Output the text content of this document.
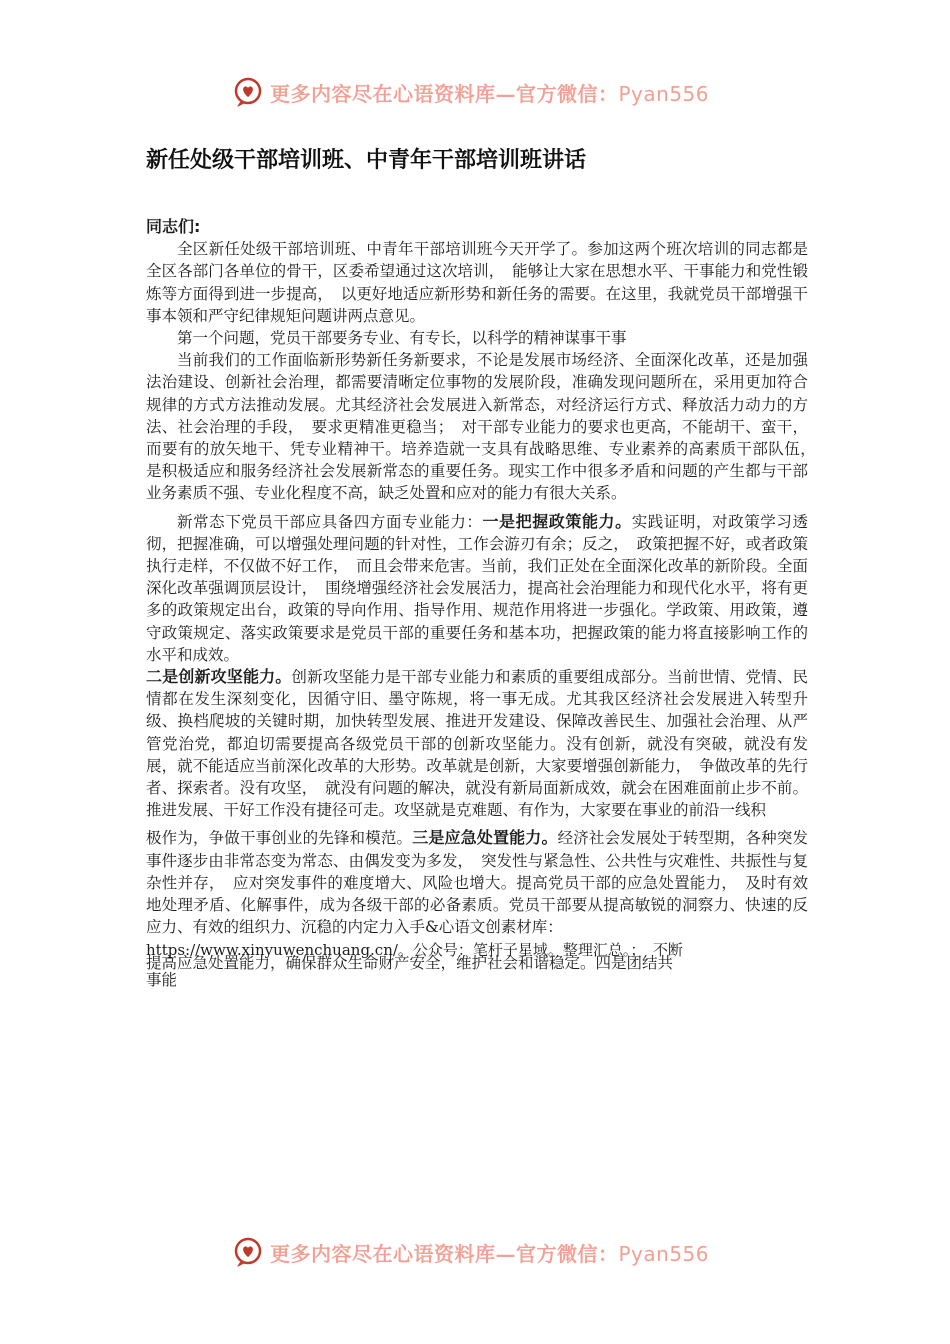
更多内容尽在心语资料库—官方微信：Pyan556
新任处级干部培训班、中青年干部培训班讲话

同志们:

全区新任处级干部培训班、中青年干部培训班今天开学了。参加这两个班次培训的同志都是全区各部门各单位的骨干，区委希望通过这次培训，　能够让大家在思想水平、干事能力和党性锻炼等方面得到进一步提高，　以更好地适应新形势和新任务的需要。在这里，我就党员干部增强干事本领和严守纪律规矩问题讲两点意见。

第一个问题，党员干部要务专业、有专长，以科学的精神谋事干事

当前我们的工作面临新形势新任务新要求，不论是发展市场经济、全面深化改革，还是加强法治建设、创新社会治理，都需要清晰定位事物的发展阶段，准确发现问题所在，采用更加符合规律的方式方法推动发展。尤其经济社会发展进入新常态，对经济运行方式、释放活力动力的方法、社会治理的手段，　要求更精准更稳当；　对干部专业能力的要求也更高，不能胡干、蛮干，而要有的放矢地干、凭专业精神干。培养造就一支具有战略思维、专业素养的高素质干部队伍，　是积极适应和服务经济社会发展新常态的重要任务。现实工作中很多矛盾和问题的产生都与干部业务素质不强、专业化程度不高，缺乏处置和应对的能力有很大关系。

新常态下党员干部应具备四方面专业能力：一是把握政策能力。实践证明，对政策学习透彻，把握准确，可以增强处理问题的针对性，工作会游刃有余；反之，　政策把握不好，或者政策执行走样，不仅做不好工作，　而且会带来危害。当前，我们正处在全面深化改革的新阶段。全面深化改革强调顶层设计，　围绕增强经济社会发展活力，提高社会治理能力和现代化水平，将有更多的政策规定出台，政策的导向作用、指导作用、规范作用将进一步强化。学政策、用政策，遵守政策规定、落实政策要求是党员干部的重要任务和基本功，把握政策的能力将直接影响工作的水平和成效。

二是创新攻坚能力。创新攻坚能力是干部专业能力和素质的重要组成部分。当前世情、党情、民情都在发生深刻变化，因循守旧、墨守陈规，将一事无成。尤其我区经济社会发展进入转型升级、换档爬坡的关键时期，加快转型发展、推进开发建设、保障改善民生、加强社会治理、从严管党治党，都迫切需要提高各级党员干部的创新攻坚能力。没有创新，就没有突破，就没有发展，就不能适应当前深化改革的大形势。改革就是创新，大家要增强创新能力，　争做改革的先行者、探索者。没有攻坚，　就没有问题的解决，就没有新局面新成效，就会在困难面前止步不前。推进发展、干好工作没有捷径可走。攻坚就是克难题、有作为，大家要在事业的前沿一线积

极作为，争做干事创业的先锋和模范。三是应急处置能力。经济社会发展处于转型期，各种突发事件逐步由非常态变为常态、由偶发变为多发，　突发性与紧急性、公共性与灾难性、共振性与复杂性并存，　应对突发事件的难度增大、风险也增大。提高党员干部的应急处置能力，　及时有效地处理矛盾、化解事件，成为各级干部的必备素质。党员干部要从提高敏锐的洞察力、快速的反应力、有效的组织力、沉稳的内定力入手&心语文创素材库：

https://www.xinyuwenchuang.cn/。公众号：笔杆子星域。整理汇总。；　不断
提高应急处置能力，确保群众生命财产安全，维护社会和谐稳定。四是团结共
事能
更多内容尽在心语资料库—官方微信：Pyan556
